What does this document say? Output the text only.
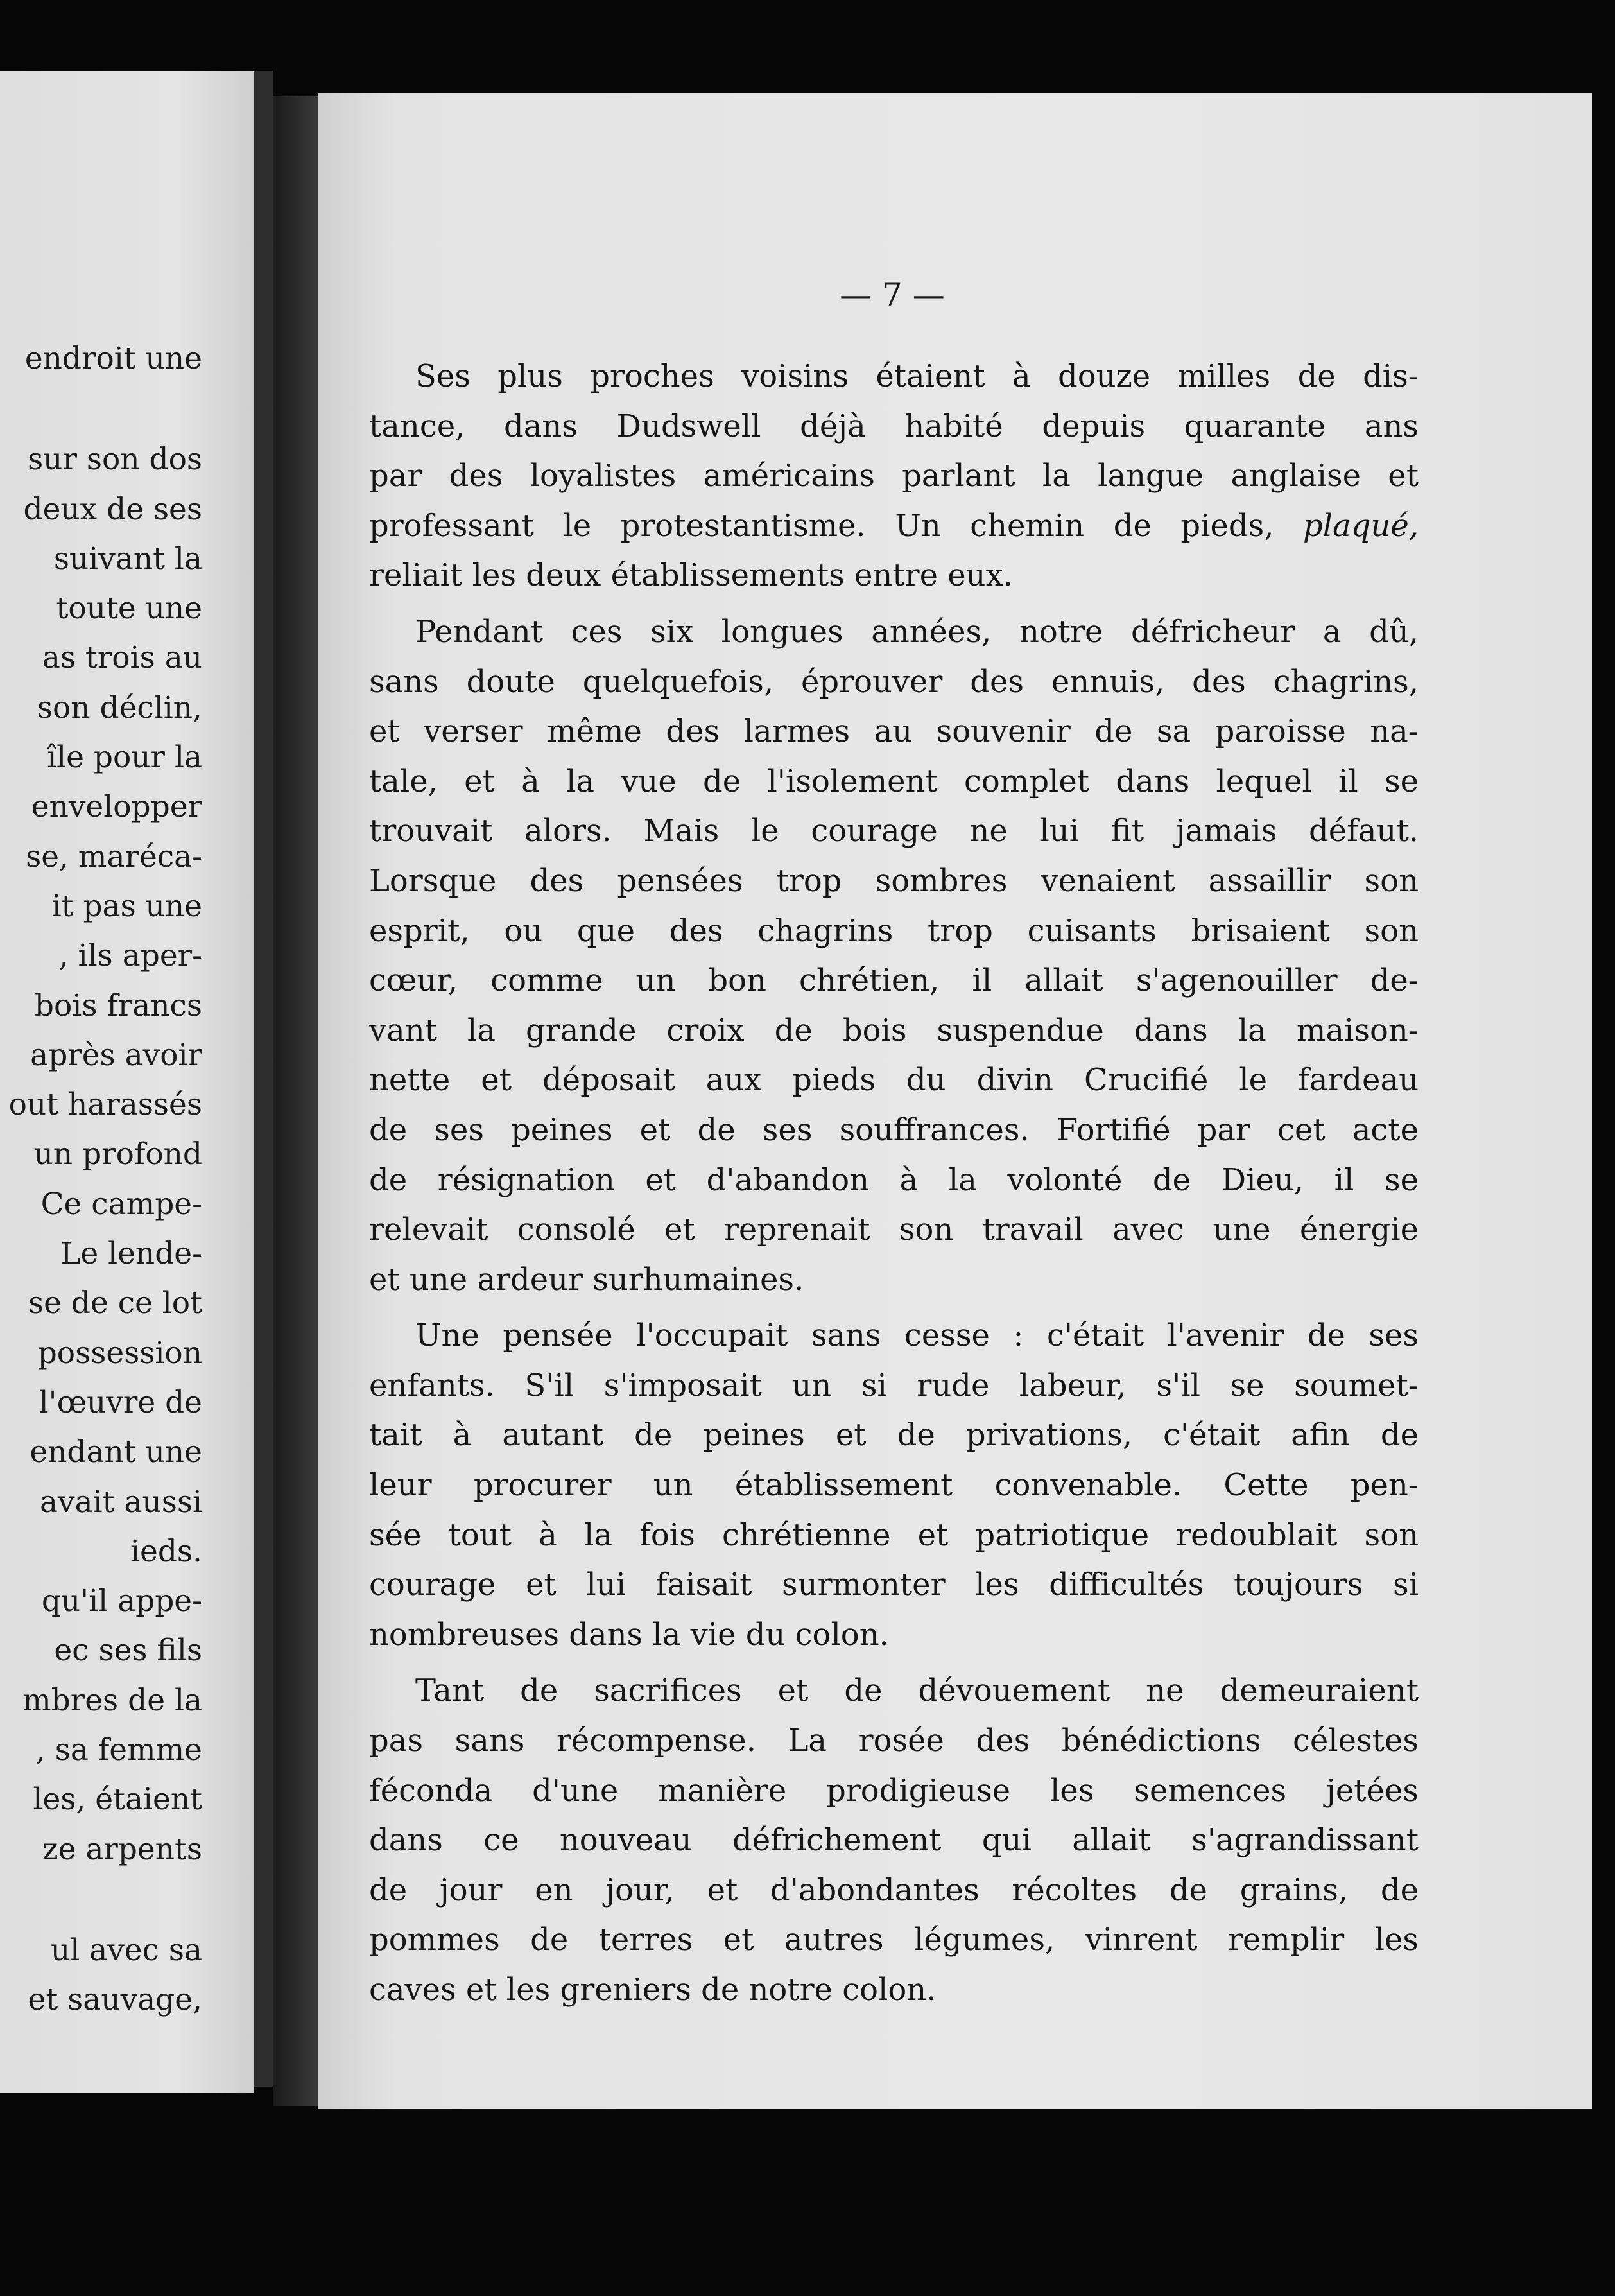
endroit une
sur son dos
deux de ses
suivant la
toute une
as trois au
son déclin,
île pour la
envelopper
se, maréca-
it pas une
, ils aper-
bois francs
après avoir
out harassés
un profond
Ce campe-
Le lende-
se de ce lot
possession
l'œuvre de
endant une
avait aussi
ieds.
qu'il appe-
ec ses fils
mbres de la
, sa femme
les, étaient
ze arpents
ul avec sa
et sauvage,
— 7 —
Ses plus proches voisins étaient à douze milles de dis-
tance, dans Dudswell déjà habité depuis quarante ans
par des loyalistes américains parlant la langue anglaise et
professant le protestantisme. Un chemin de pieds, plaqué,
reliait les deux établissements entre eux.
Pendant ces six longues années, notre défricheur a dû,
sans doute quelquefois, éprouver des ennuis, des chagrins,
et verser même des larmes au souvenir de sa paroisse na-
tale, et à la vue de l'isolement complet dans lequel il se
trouvait alors. Mais le courage ne lui fit jamais défaut.
Lorsque des pensées trop sombres venaient assaillir son
esprit, ou que des chagrins trop cuisants brisaient son
cœur, comme un bon chrétien, il allait s'agenouiller de-
vant la grande croix de bois suspendue dans la maison-
nette et déposait aux pieds du divin Crucifié le fardeau
de ses peines et de ses souffrances. Fortifié par cet acte
de résignation et d'abandon à la volonté de Dieu, il se
relevait consolé et reprenait son travail avec une énergie
et une ardeur surhumaines.
Une pensée l'occupait sans cesse : c'était l'avenir de ses
enfants. S'il s'imposait un si rude labeur, s'il se soumet-
tait à autant de peines et de privations, c'était afin de
leur procurer un établissement convenable. Cette pen-
sée tout à la fois chrétienne et patriotique redoublait son
courage et lui faisait surmonter les difficultés toujours si
nombreuses dans la vie du colon.
Tant de sacrifices et de dévouement ne demeuraient
pas sans récompense. La rosée des bénédictions célestes
féconda d'une manière prodigieuse les semences jetées
dans ce nouveau défrichement qui allait s'agrandissant
de jour en jour, et d'abondantes récoltes de grains, de
pommes de terres et autres légumes, vinrent remplir les
caves et les greniers de notre colon.
